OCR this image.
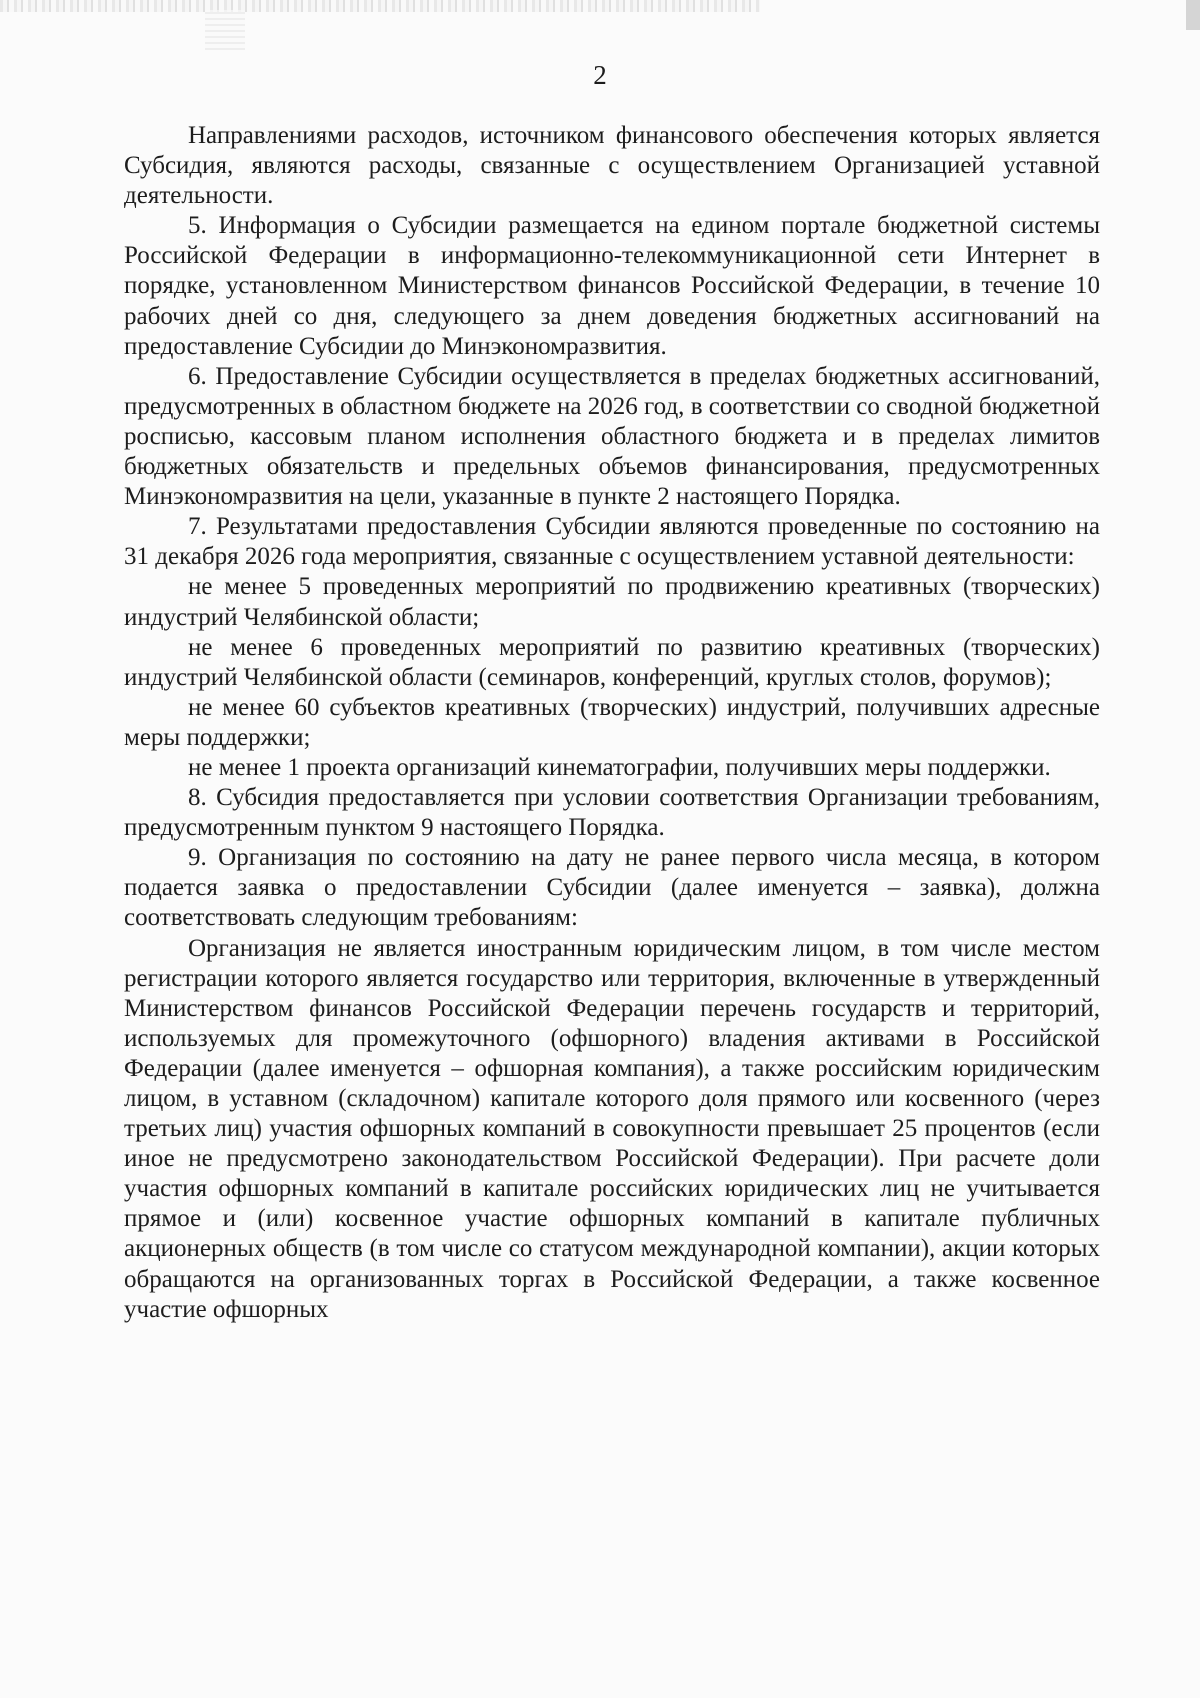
2

Направлениями расходов, источником финансового обеспечения которых является Субсидия, являются расходы, связанные с осуществлением Организацией уставной деятельности.

5. Информация о Субсидии размещается на едином портале бюджетной системы Российской Федерации в информационно-телекоммуникационной сети Интернет в порядке, установленном Министерством финансов Российской Федерации, в течение 10 рабочих дней со дня, следующего за днем доведения бюджетных ассигнований на предоставление Субсидии до Минэкономразвития.

6. Предоставление Субсидии осуществляется в пределах бюджетных ассигнований, предусмотренных в областном бюджете на 2026 год, в соответствии со сводной бюджетной росписью, кассовым планом исполнения областного бюджета и в пределах лимитов бюджетных обязательств и предельных объемов финансирования, предусмотренных Минэкономразвития на цели, указанные в пункте 2 настоящего Порядка.

7. Результатами предоставления Субсидии являются проведенные по состоянию на 31 декабря 2026 года мероприятия, связанные с осуществлением уставной деятельности:

не менее 5 проведенных мероприятий по продвижению креативных (творческих) индустрий Челябинской области;

не менее 6 проведенных мероприятий по развитию креативных (творческих) индустрий Челябинской области (семинаров, конференций, круглых столов, форумов);

не менее 60 субъектов креативных (творческих) индустрий, получивших адресные меры поддержки;

не менее 1 проекта организаций кинематографии, получивших меры поддержки.

8. Субсидия предоставляется при условии соответствия Организации требованиям, предусмотренным пунктом 9 настоящего Порядка.

9. Организация по состоянию на дату не ранее первого числа месяца, в котором подается заявка о предоставлении Субсидии (далее именуется – заявка), должна соответствовать следующим требованиям:

Организация не является иностранным юридическим лицом, в том числе местом регистрации которого является государство или территория, включенные в утвержденный Министерством финансов Российской Федерации перечень государств и территорий, используемых для промежуточного (офшорного) владения активами в Российской Федерации (далее именуется – офшорная компания), а также российским юридическим лицом, в уставном (складочном) капитале которого доля прямого или косвенного (через третьих лиц) участия офшорных компаний в совокупности превышает 25 процентов (если иное не предусмотрено законодательством Российской Федерации). При расчете доли участия офшорных компаний в капитале российских юридических лиц не учитывается прямое и (или) косвенное участие офшорных компаний в капитале публичных акционерных обществ (в том числе со статусом международной компании), акции которых обращаются на организованных торгах в Российской Федерации, а также косвенное участие офшорных
